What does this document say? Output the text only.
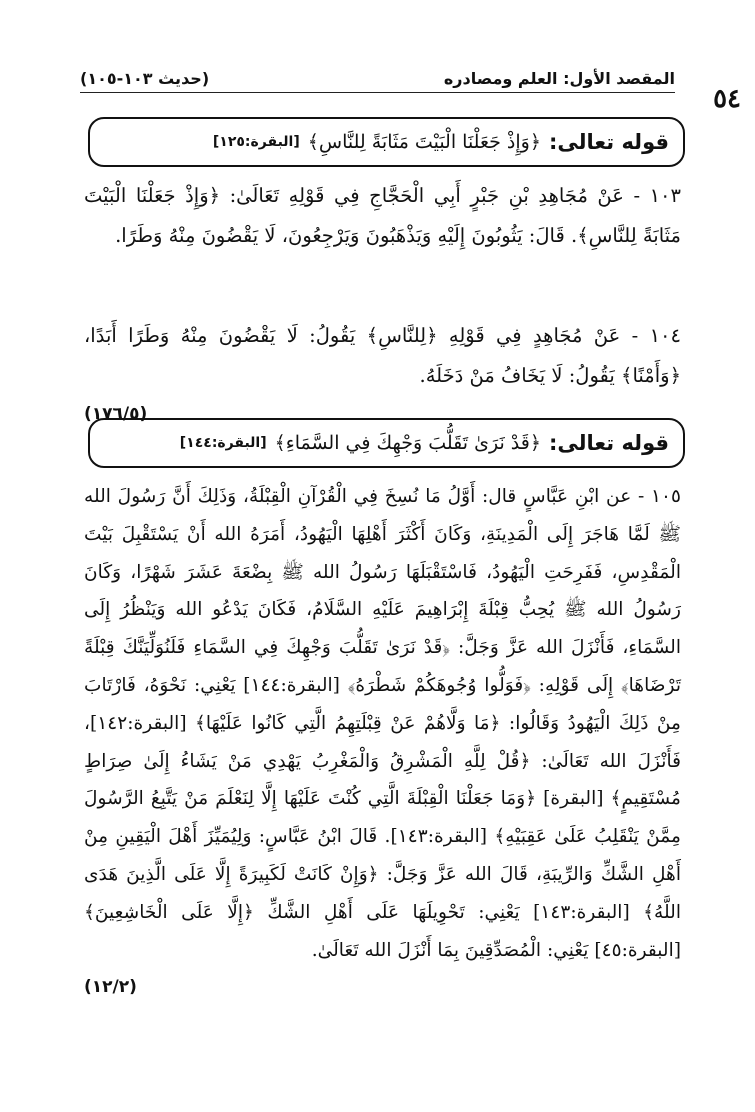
٥٤
المقصد الأول: العلم ومصادره
(حديث ١٠٣-١٠٥)
قوله تعالى:
﴿وَإِذْ جَعَلْنَا الْبَيْتَ مَثَابَةً لِلنَّاسِ﴾
[البقرة:١٢٥]
١٠٣ - عَنْ مُجَاهِدِ بْنِ جَبْرٍ أَبِي الْحَجَّاجِ فِي قَوْلِهِ تَعَالَىٰ: ﴿وَإِذْ جَعَلْنَا الْبَيْتَ مَثَابَةً لِلنَّاسِ﴾. قَالَ: يَثُوبُونَ إِلَيْهِ وَيَذْهَبُونَ وَيَرْجِعُونَ، لَا يَقْضُونَ مِنْهُ وَطَرًا.
١٠٤ - عَنْ مُجَاهِدٍ فِي قَوْلِهِ ﴿لِلنَّاسِ﴾ يَقُولُ: لَا يَقْضُونَ مِنْهُ وَطَرًا أَبَدًا، ﴿وَأَمْنًا﴾ يَقُولُ: لَا يَخَافُ مَنْ دَخَلَهُ.
(١٧٦/٥)
قوله تعالى:
﴿قَدْ نَرَىٰ تَقَلُّبَ وَجْهِكَ فِي السَّمَاءِ﴾
[البقرة:١٤٤]
١٠٥ - عن ابْنِ عَبَّاسٍ قال: أَوَّلُ مَا نُسِخَ فِي الْقُرْآنِ الْقِبْلَةُ، وَذَلِكَ أَنَّ رَسُولَ الله ﷺ لَمَّا هَاجَرَ إِلَى الْمَدِينَةِ، وَكَانَ أَكْثَرَ أَهْلِهَا الْيَهُودُ، أَمَرَهُ الله أَنْ يَسْتَقْبِلَ بَيْتَ الْمَقْدِسِ، فَفَرِحَتِ الْيَهُودُ، فَاسْتَقْبَلَهَا رَسُولُ الله ﷺ بِضْعَةَ عَشَرَ شَهْرًا، وَكَانَ رَسُولُ الله ﷺ يُحِبُّ قِبْلَةَ إِبْرَاهِيمَ عَلَيْهِ السَّلَامُ، فَكَانَ يَدْعُو الله وَيَنْظُرُ إِلَى السَّمَاءِ، فَأَنْزَلَ الله عَزَّ وَجَلَّ: ﴿قَدْ نَرَىٰ تَقَلُّبَ وَجْهِكَ فِي السَّمَاءِ فَلَنُوَلِّيَنَّكَ قِبْلَةً تَرْضَاهَا﴾ إِلَى قَوْلِهِ: ﴿فَوَلُّوا وُجُوهَكُمْ شَطْرَهُ﴾ [البقرة:١٤٤] يَعْنِي: نَحْوَهُ، فَارْتَابَ مِنْ ذَلِكَ الْيَهُودُ وَقَالُوا: ﴿مَا وَلَّاهُمْ عَنْ قِبْلَتِهِمُ الَّتِي كَانُوا عَلَيْهَا﴾ [البقرة:١٤٢]، فَأَنْزَلَ الله تَعَالَىٰ: ﴿قُلْ لِلَّهِ الْمَشْرِقُ وَالْمَغْرِبُ يَهْدِي مَنْ يَشَاءُ إِلَىٰ صِرَاطٍ مُسْتَقِيمٍ﴾ [البقرة] ﴿وَمَا جَعَلْنَا الْقِبْلَةَ الَّتِي كُنْتَ عَلَيْهَا إِلَّا لِنَعْلَمَ مَنْ يَتَّبِعُ الرَّسُولَ مِمَّنْ يَنْقَلِبُ عَلَىٰ عَقِبَيْهِ﴾ [البقرة:١٤٣]. قَالَ ابْنُ عَبَّاسٍ: وَلِيُمَيِّزَ أَهْلَ الْيَقِينِ مِنْ أَهْلِ الشَّكِّ وَالرِّيبَةِ، قَالَ الله عَزَّ وَجَلَّ: ﴿وَإِنْ كَانَتْ لَكَبِيرَةً إِلَّا عَلَى الَّذِينَ هَدَى اللَّهُ﴾ [البقرة:١٤٣] يَعْنِي: تَحْوِيلَهَا عَلَى أَهْلِ الشَّكِّ ﴿إِلَّا عَلَى الْخَاشِعِينَ﴾ [البقرة:٤٥] يَعْنِي: الْمُصَدِّقِينَ بِمَا أَنْزَلَ الله تَعَالَىٰ.
(١٢/٢)
